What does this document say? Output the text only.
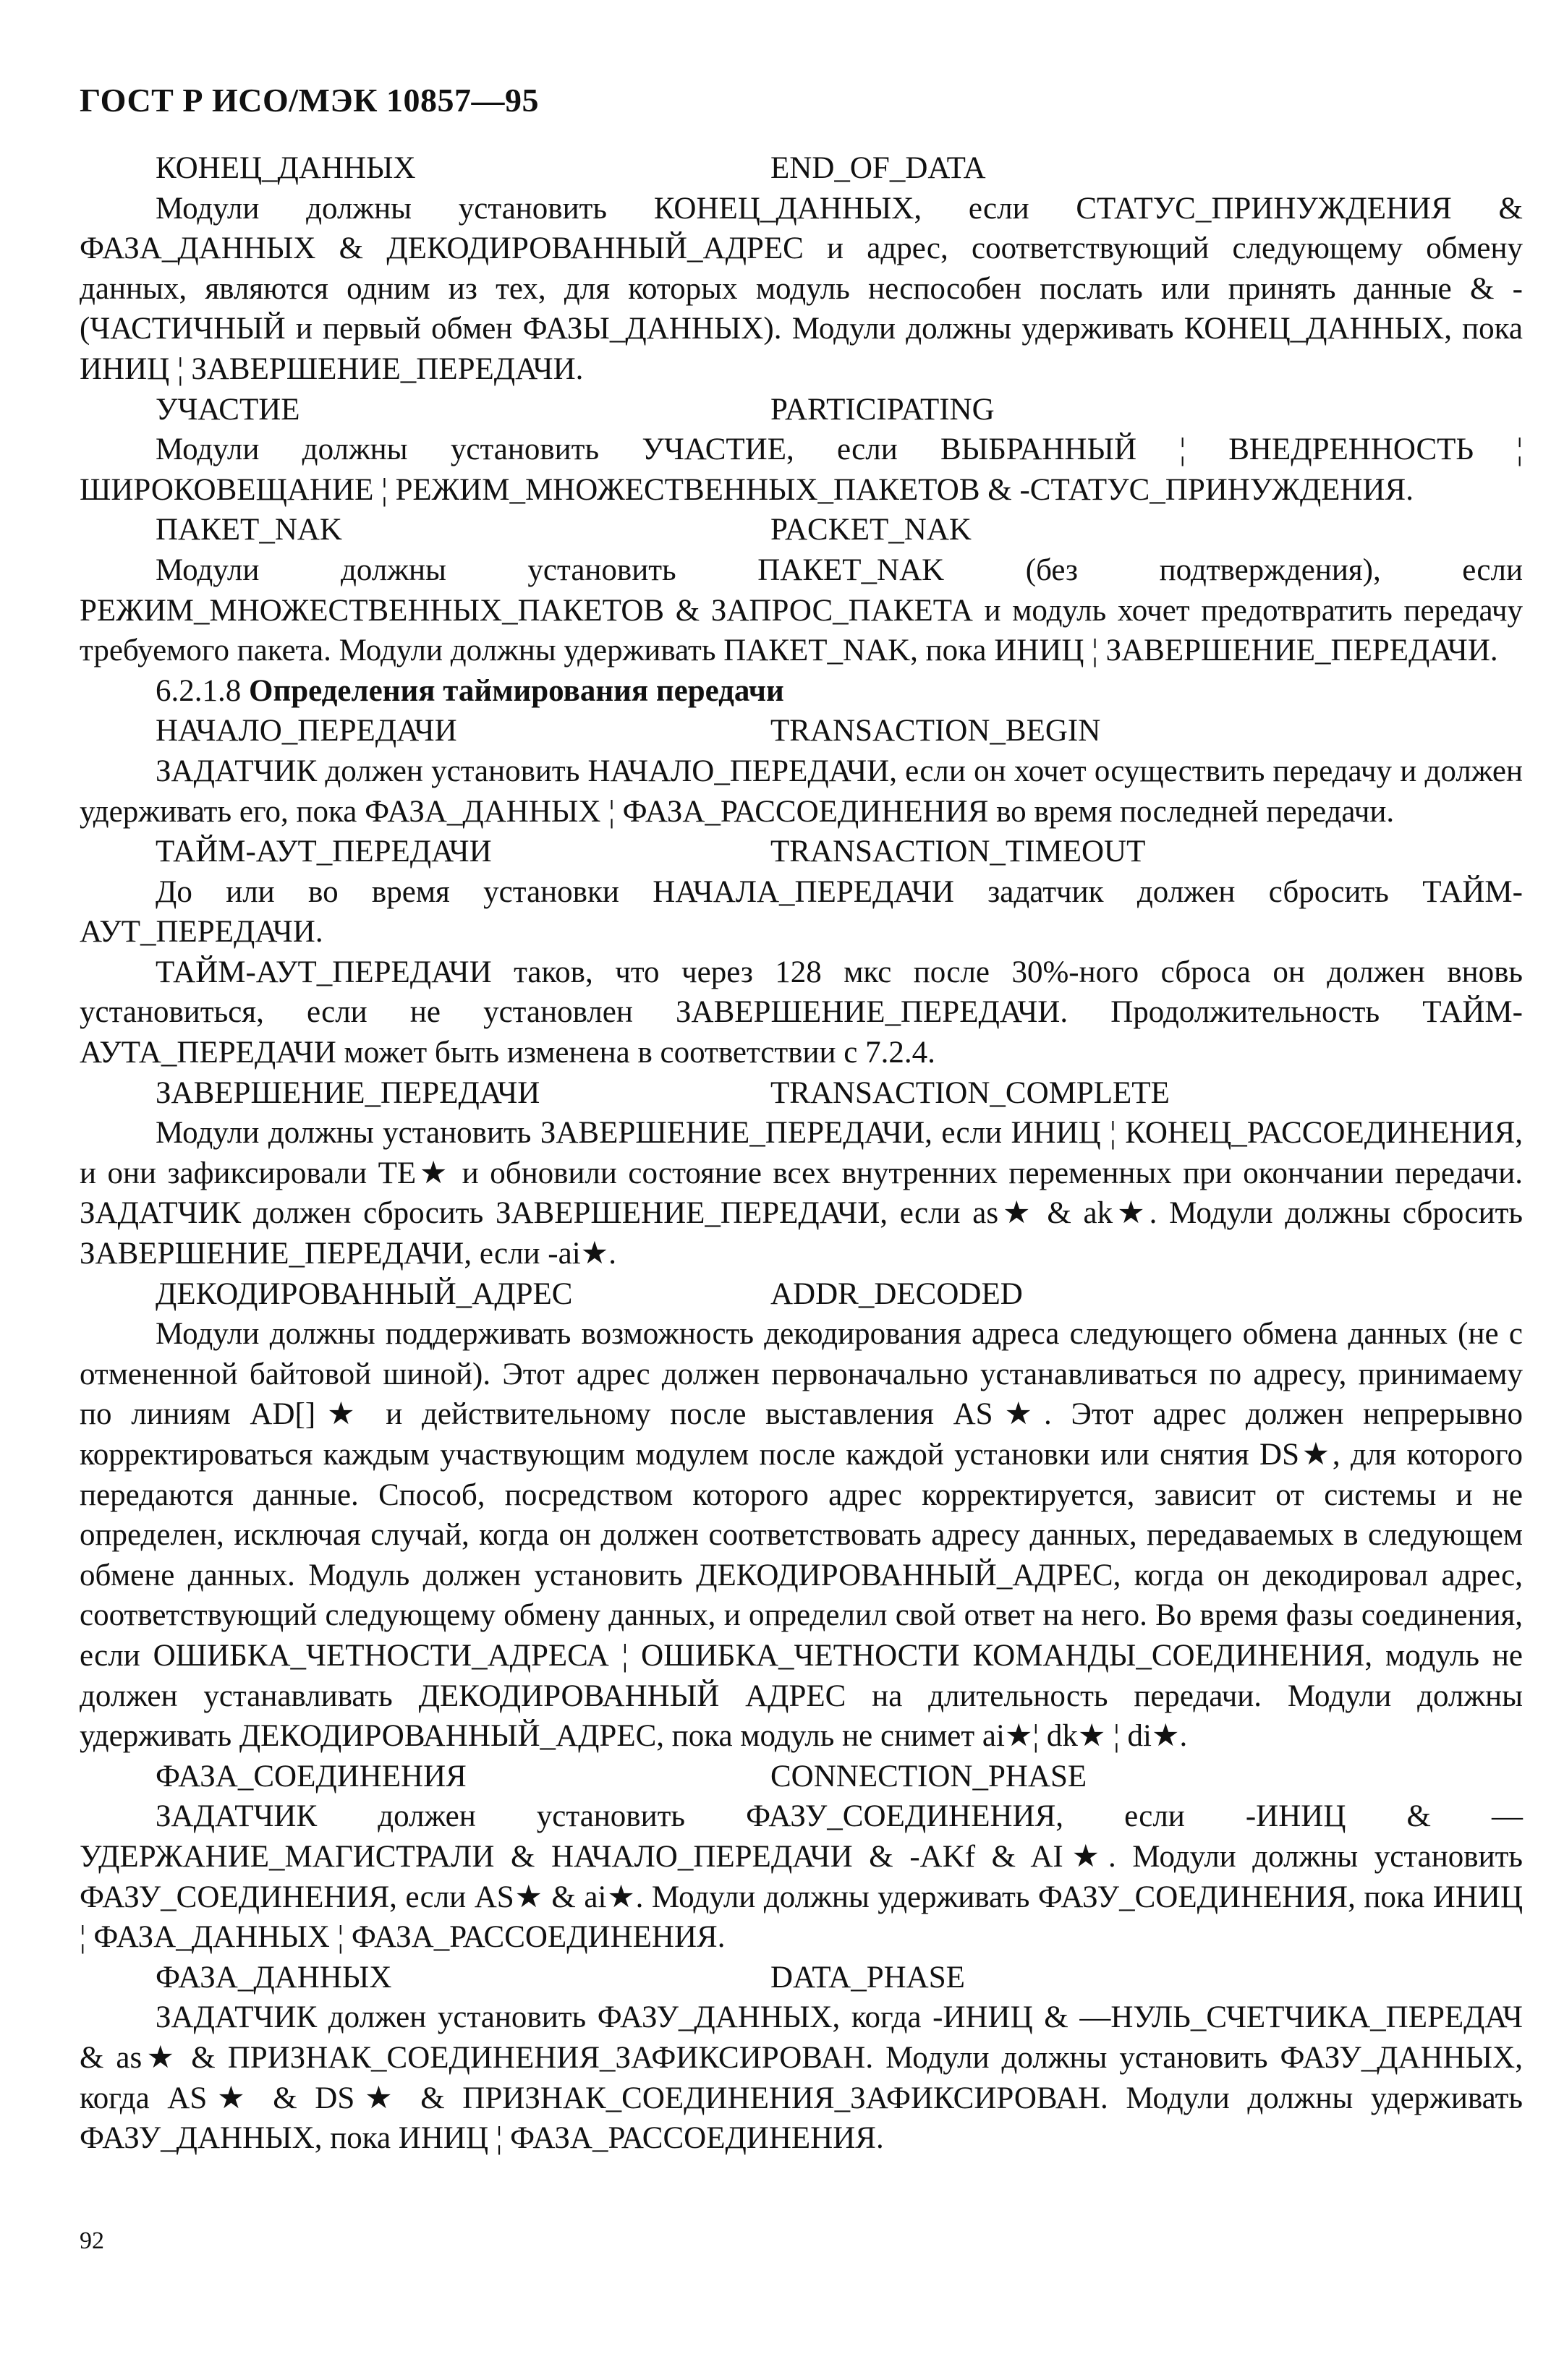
ГОСТ Р ИСО/МЭК 10857—95
КОНЕЦ_ДАННЫХ	END_OF_DATA

Модули должны установить КОНЕЦ_ДАННЫХ, если СТАТУС_ПРИНУЖДЕНИЯ & ФАЗА_ДАННЫХ & ДЕКОДИРОВАННЫЙ_АДРЕС и адрес, соответствующий следующему обмену данных, являются одним из тех, для которых модуль неспособен послать или принять данные & -(ЧАСТИЧНЫЙ и первый обмен ФАЗЫ_ДАННЫХ). Модули должны удерживать КОНЕЦ_ДАННЫХ, пока ИНИЦ ¦ ЗАВЕРШЕНИЕ_ПЕРЕДАЧИ.

УЧАСТИЕ	PARTICIPATING

Модули должны установить УЧАСТИЕ, если ВЫБРАННЫЙ ¦ ВНЕДРЕННОСТЬ ¦ ШИРОКОВЕЩАНИЕ ¦ РЕЖИМ_МНОЖЕСТВЕННЫХ_ПАКЕТОВ & -СТАТУС_ПРИНУЖДЕНИЯ.

ПАКЕТ_NAK	PACKET_NAK

Модули должны установить ПАКЕТ_NAK (без подтверждения), если РЕЖИМ_МНОЖЕСТВЕННЫХ_ПАКЕТОВ & ЗАПРОС_ПАКЕТА и модуль хочет предотвратить передачу требуемого пакета. Модули должны удерживать ПАКЕТ_NAK, пока ИНИЦ ¦ ЗАВЕРШЕНИЕ_ПЕРЕДАЧИ.

6.2.1.8 Определения таймирования передачи

НАЧАЛО_ПЕРЕДАЧИ	TRANSACTION_BEGIN

ЗАДАТЧИК должен установить НАЧАЛО_ПЕРЕДАЧИ, если он хочет осуществить передачу и должен удерживать его, пока ФАЗА_ДАННЫХ ¦ ФАЗА_РАССОЕДИНЕНИЯ во время последней передачи.

ТАЙМ-АУТ_ПЕРЕДАЧИ	TRANSACTION_TIMEOUT

До или во время установки НАЧАЛА_ПЕРЕДАЧИ задатчик должен сбросить ТАЙМ-АУТ_ПЕРЕДАЧИ.

ТАЙМ-АУТ_ПЕРЕДАЧИ таков, что через 128 мкс после 30%-ного сброса он должен вновь установиться, если не установлен ЗАВЕРШЕНИЕ_ПЕРЕДАЧИ. Продолжительность ТАЙМ-АУТА_ПЕРЕДАЧИ может быть изменена в соответствии с 7.2.4.

ЗАВЕРШЕНИЕ_ПЕРЕДАЧИ	TRANSACTION_COMPLETE

Модули должны установить ЗАВЕРШЕНИЕ_ПЕРЕДАЧИ, если ИНИЦ ¦ КОНЕЦ_РАССОЕДИНЕНИЯ, и они зафиксировали ТЕ★ и обновили состояние всех внутренних переменных при окончании передачи. ЗАДАТЧИК должен сбросить ЗАВЕРШЕНИЕ_ПЕРЕДАЧИ, если as★ & ak★. Модули должны сбросить ЗАВЕРШЕНИЕ_ПЕРЕДАЧИ, если -ai★.

ДЕКОДИРОВАННЫЙ_АДРЕС	ADDR_DECODED

Модули должны поддерживать возможность декодирования адреса следующего обмена данных (не с отмененной байтовой шиной). Этот адрес должен первоначально устанавливаться по адресу, принимаему по линиям AD[]★ и действительному после выставления AS★. Этот адрес должен непрерывно корректироваться каждым участвующим модулем после каждой установки или снятия DS★, для которого передаются данные. Способ, посредством которого адрес корректируется, зависит от системы и не определен, исключая случай, когда он должен соответствовать адресу данных, передаваемых в следующем обмене данных. Модуль должен установить ДЕКОДИРОВАННЫЙ_АДРЕС, когда он декодировал адрес, соответствующий следующему обмену данных, и определил свой ответ на него. Во время фазы соединения, если ОШИБКА_ЧЕТНОСТИ_АДРЕСА ¦ ОШИБКА_ЧЕТНОСТИ КОМАНДЫ_СОЕДИНЕНИЯ, модуль не должен устанавливать ДЕКОДИРОВАННЫЙ АДРЕС на длительность передачи. Модули должны удерживать ДЕКОДИРОВАННЫЙ_АДРЕС, пока модуль не снимет ai★¦ dk★ ¦ di★.

ФАЗА_СОЕДИНЕНИЯ	CONNECTION_PHASE

ЗАДАТЧИК должен установить ФАЗУ_СОЕДИНЕНИЯ, если -ИНИЦ & —УДЕРЖАНИЕ_МАГИСТРАЛИ & НАЧАЛО_ПЕРЕДАЧИ & -AKf & AI★. Модули должны установить ФАЗУ_СОЕДИНЕНИЯ, если AS★ & ai★. Модули должны удерживать ФАЗУ_СОЕДИНЕНИЯ, пока ИНИЦ ¦ ФАЗА_ДАННЫХ ¦ ФАЗА_РАССОЕДИНЕНИЯ.

ФАЗА_ДАННЫХ	DATA_PHASE

ЗАДАТЧИК должен установить ФАЗУ_ДАННЫХ, когда -ИНИЦ & —НУЛЬ_СЧЕТЧИКА_ПЕРЕДАЧ & as★ & ПРИЗНАК_СОЕДИНЕНИЯ_ЗАФИКСИРОВАН. Модули должны установить ФАЗУ_ДАННЫХ, когда AS★ & DS★ & ПРИЗНАК_СОЕДИНЕНИЯ_ЗАФИКСИРОВАН. Модули должны удерживать ФАЗУ_ДАННЫХ, пока ИНИЦ ¦ ФАЗА_РАССОЕДИНЕНИЯ.

92
